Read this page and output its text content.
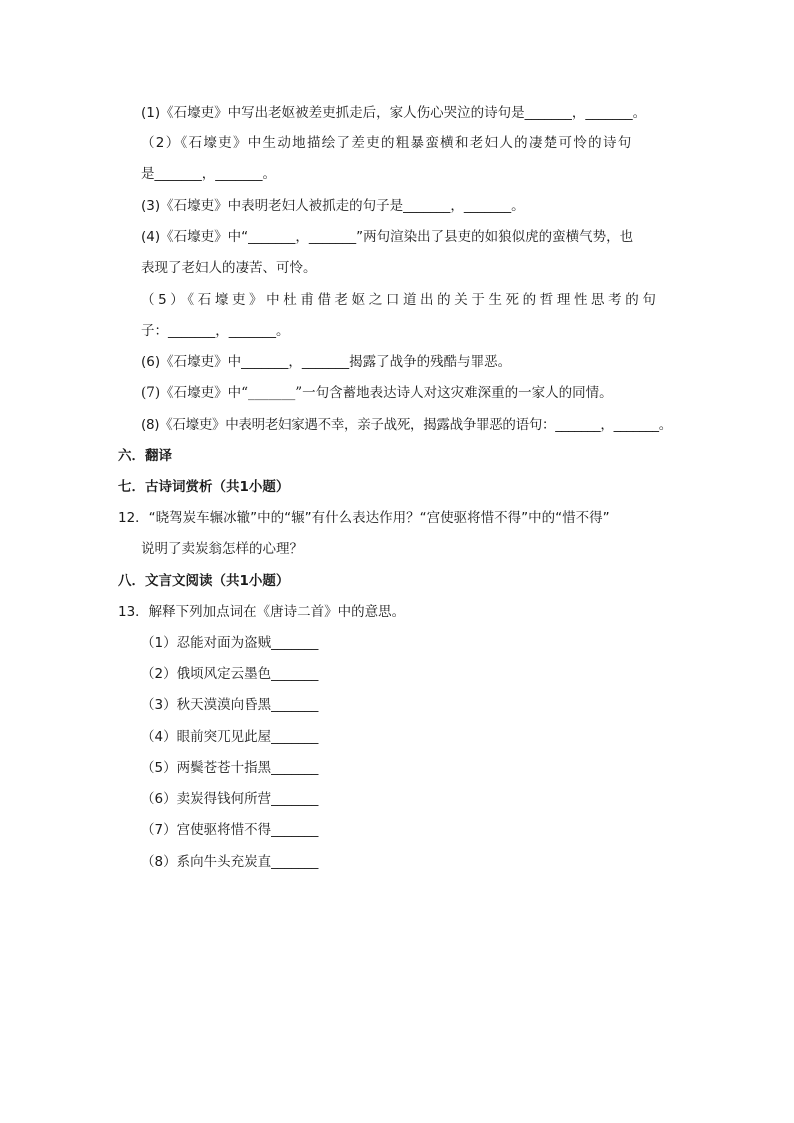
(1)《石壕吏》中写出老妪被差吏抓走后，家人伤心哭泣的诗句是_______，_______。
（2）《石壕吏》中生动地描绘了差吏的粗暴蛮横和老妇人的凄楚可怜的诗句
是_______，_______。
(3)《石壕吏》中表明老妇人被抓走的句子是_______，_______。
(4)《石壕吏》中“_______，_______”两句渲染出了县吏的如狼似虎的蛮横气势，也
表现了老妇人的凄苦、可怜。
（5）《石壕吏》中杜甫借老妪之口道出的关于生死的哲理性思考的句
子：_______，_______。
(6)《石壕吏》中_______，_______揭露了战争的残酷与罪恶。
(7)《石壕吏》中“_______”一句含蓄地表达诗人对这灾难深重的一家人的同情。
(8)《石壕吏》中表明老妇家遇不幸，亲子战死，揭露战争罪恶的语句：_______，_______。
六．翻译
七．古诗词赏析（共1小题）
12．“晓驾炭车辗冰辙”中的“辗”有什么表达作用？“宫使驱将惜不得”中的“惜不得”
说明了卖炭翁怎样的心理？
八．文言文阅读（共1小题）
13．解释下列加点词在《唐诗二首》中的意思。
（1）忍能对面为盗贼_______
（2）俄顷风定云墨色_______
（3）秋天漠漠向昏黑_______
（4）眼前突兀见此屋_______
（5）两鬓苍苍十指黑_______
（6）卖炭得钱何所营_______
（7）宫使驱将惜不得_______
（8）系向牛头充炭直_______
